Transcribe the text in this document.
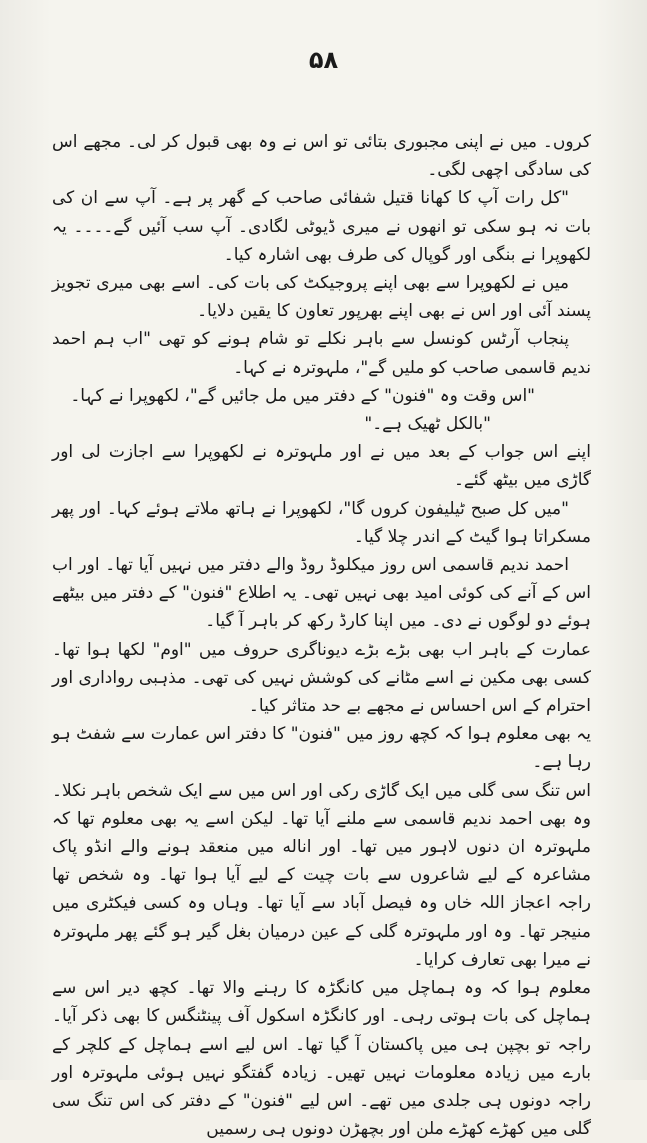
۵۸

کروں۔ میں نے اپنی مجبوری بتائی تو اس نے وہ بھی قبول کر لی۔ مجھے اس کی سادگی اچھی لگی۔

"کل رات آپ کا کھانا قتیل شفائی صاحب کے گھر پر ہے۔ آپ سے ان کی بات نہ ہو سکی تو انھوں نے میری ڈیوٹی لگادی۔ آپ سب آئیں گے۔۔۔۔ یہ لکھوپرا نے بنگی اور گوپال کی طرف بھی اشارہ کیا۔

میں نے لکھوپرا سے بھی اپنے پروجیکٹ کی بات کی۔ اسے بھی میری تجویز پسند آئی اور اس نے بھی اپنے بھرپور تعاون کا یقین دلایا۔

پنجاب آرٹس کونسل سے باہر نکلے تو شام ہونے کو تھی "اب ہم احمد ندیم قاسمی صاحب کو ملیں گے"، ملہوترہ نے کہا۔

"اس وقت وہ "فنون" کے دفتر میں مل جائیں گے"، لکھوپرا نے کہا۔

"بالکل ٹھیک ہے۔"

اپنے اس جواب کے بعد میں نے اور ملہوترہ نے لکھوپرا سے اجازت لی اور گاڑی میں بیٹھ گئے۔

"میں کل صبح ٹیلیفون کروں گا"، لکھوپرا نے ہاتھ ملاتے ہوئے کہا۔ اور پھر مسکراتا ہوا گیٹ کے اندر چلا گیا۔

احمد ندیم قاسمی اس روز میکلوڈ روڈ والے دفتر میں نہیں آیا تھا۔ اور اب اس کے آنے کی کوئی امید بھی نہیں تھی۔ یہ اطلاع "فنون" کے دفتر میں بیٹھے ہوئے دو لوگوں نے دی۔ میں اپنا کارڈ رکھ کر باہر آ گیا۔

عمارت کے باہر اب بھی بڑے بڑے دیوناگری حروف میں "اوم" لکھا ہوا تھا۔ کسی بھی مکین نے اسے مٹانے کی کوشش نہیں کی تھی۔ مذہبی رواداری اور احترام کے اس احساس نے مجھے بے حد متاثر کیا۔

یہ بھی معلوم ہوا کہ کچھ روز میں "فنون" کا دفتر اس عمارت سے شفٹ ہو رہا ہے۔

اس تنگ سی گلی میں ایک گاڑی رکی اور اس میں سے ایک شخص باہر نکلا۔ وہ بھی احمد ندیم قاسمی سے ملنے آیا تھا۔ لیکن اسے یہ بھی معلوم تھا کہ ملہوترہ ان دنوں لاہور میں تھا۔ اور اناله میں منعقد ہونے والے انڈو پاک مشاعرہ کے لیے شاعروں سے بات چیت کے لیے آیا ہوا تھا۔ وہ شخص تھا راجہ اعجاز اللہ خاں وہ فیصل آباد سے آیا تھا۔ وہاں وہ کسی فیکٹری میں منیجر تھا۔ وہ اور ملہوترہ گلی کے عین درمیان بغل گیر ہو گئے پھر ملہوترہ نے میرا بھی تعارف کرایا۔

معلوم ہوا کہ وہ ہماچل میں کانگڑہ کا رہنے والا تھا۔ کچھ دیر اس سے ہماچل کی بات ہوتی رہی۔ اور کانگڑہ اسکول آف پینٹنگس کا بھی ذکر آیا۔ راجہ تو بچپن ہی میں پاکستان آ گیا تھا۔ اس لیے اسے ہماچل کے کلچر کے بارے میں زیادہ معلومات نہیں تھیں۔ زیادہ گفتگو نہیں ہوئی ملہوترہ اور راجہ دونوں ہی جلدی میں تھے۔ اس لیے "فنون" کے دفتر کی اس تنگ سی گلی میں کھڑے کھڑے ملن اور بچھڑن دونوں ہی رسمیں
